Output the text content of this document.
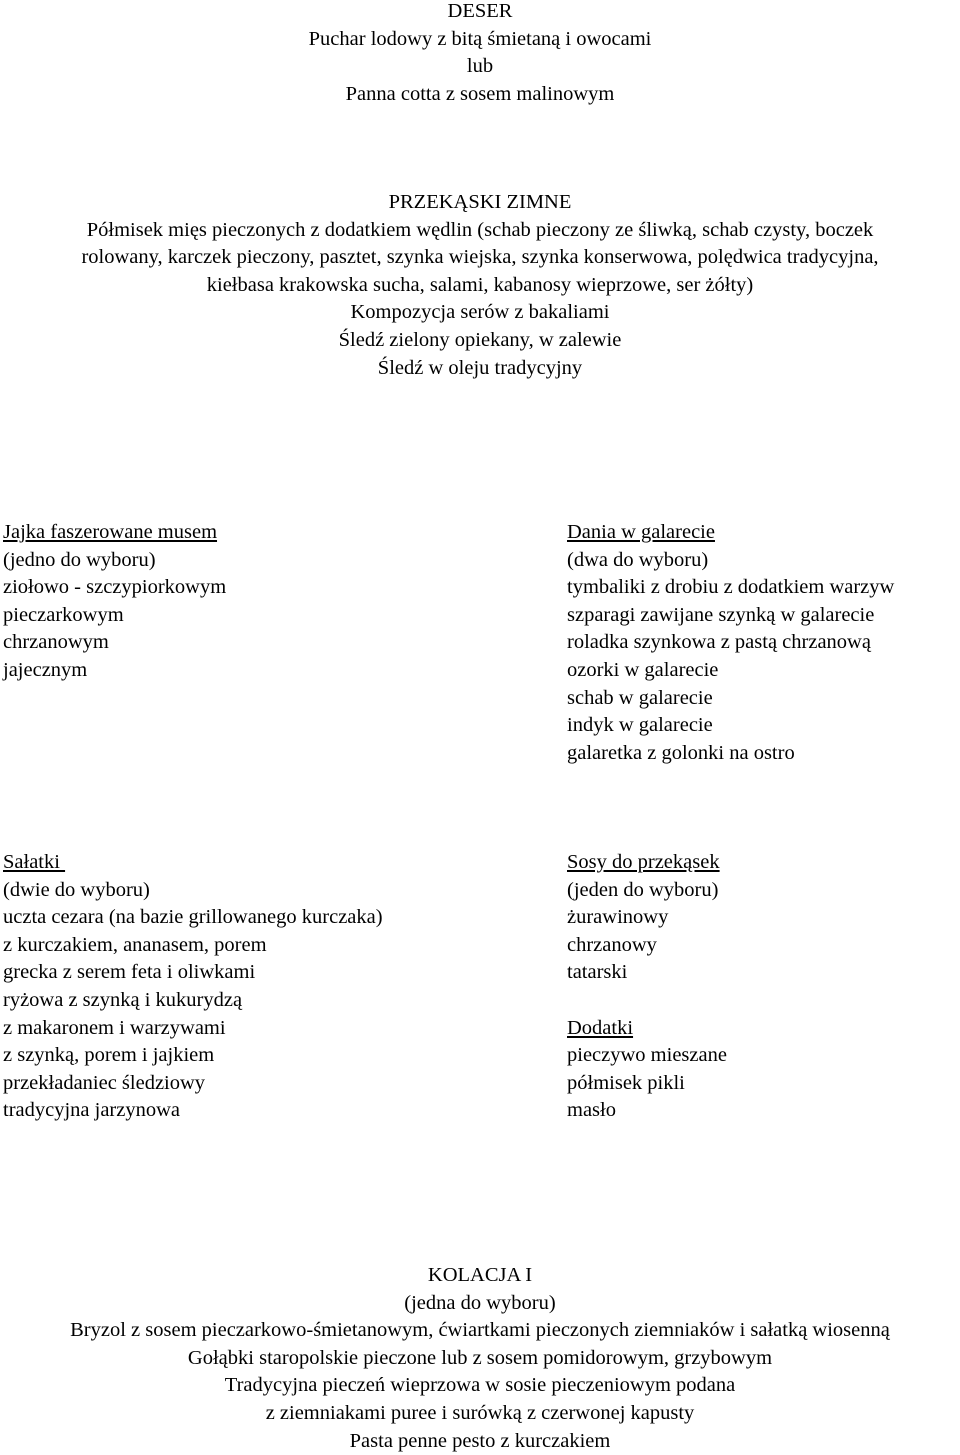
DESER
Puchar lodowy z bitą śmietaną i owocami
lub
Panna cotta z sosem malinowym
PRZEKĄSKI ZIMNE
Półmisek mięs pieczonych z dodatkiem wędlin (schab pieczony ze śliwką, schab czysty, boczek
rolowany, karczek pieczony, pasztet, szynka wiejska, szynka konserwowa, polędwica tradycyjna,
kiełbasa krakowska sucha, salami, kabanosy wieprzowe, ser żółty)
Kompozycja serów z bakaliami
Śledź zielony opiekany, w zalewie
Śledź w oleju tradycyjny
Jajka faszerowane musem
(jedno do wyboru)
ziołowo - szczypiorkowym
pieczarkowym
chrzanowym
jajecznym
Dania w galarecie
(dwa do wyboru)
tymbaliki z drobiu z dodatkiem warzyw
szparagi zawijane szynką w galarecie
roladka szynkowa z pastą chrzanową
ozorki w galarecie
schab w galarecie
indyk w galarecie
galaretka z golonki na ostro
Sałatki
(dwie do wyboru)
uczta cezara (na bazie grillowanego kurczaka)
z kurczakiem, ananasem, porem
grecka z serem feta i oliwkami
ryżowa z szynką i kukurydzą
z makaronem i warzywami
z szynką, porem i jajkiem
przekładaniec śledziowy
tradycyjna jarzynowa
Sosy do przekąsek
(jeden do wyboru)
żurawinowy
chrzanowy
tatarski

Dodatki
pieczywo mieszane
półmisek pikli
masło
KOLACJA I
(jedna do wyboru)
Bryzol z sosem pieczarkowo-śmietanowym, ćwiartkami pieczonych ziemniaków i sałatką wiosenną
Gołąbki staropolskie pieczone lub z sosem pomidorowym, grzybowym
Tradycyjna pieczeń wieprzowa w sosie pieczeniowym podana
z ziemniakami puree i surówką z czerwonej kapusty
Pasta penne pesto z kurczakiem
